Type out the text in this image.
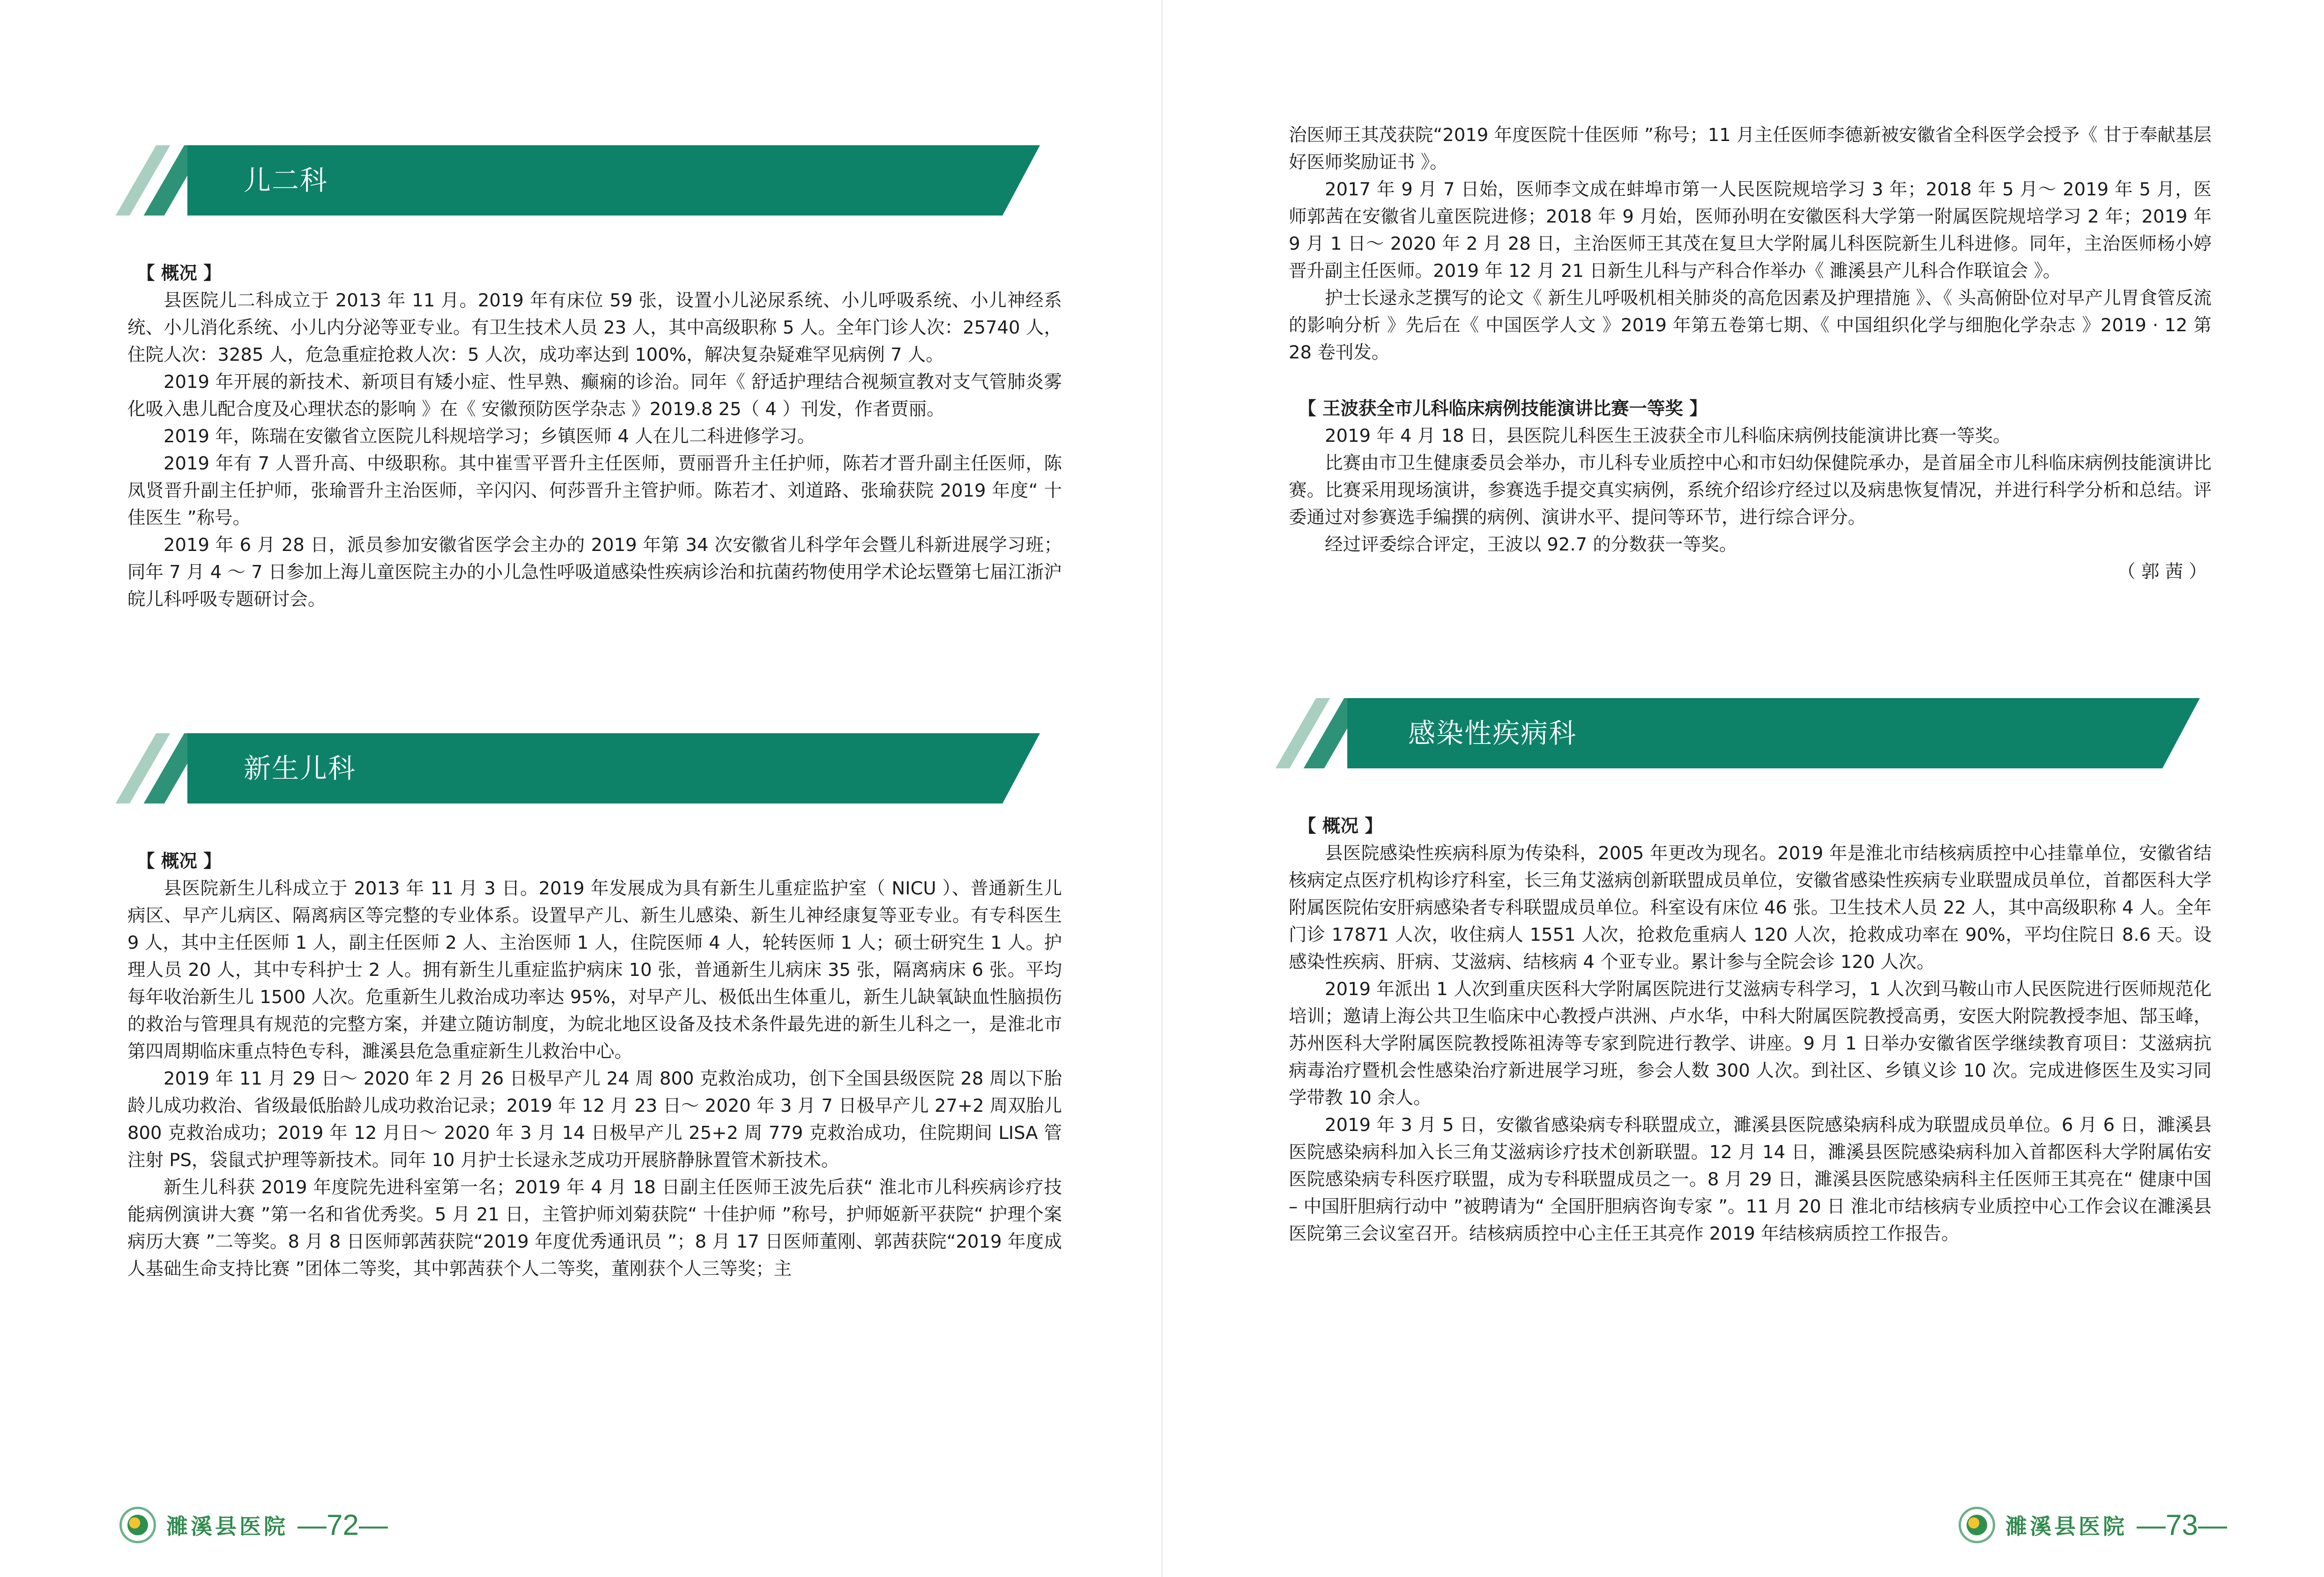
儿二科

【 概况 】

县医院儿二科成立于 2013 年 11 月。2019 年有床位 59 张，设置小儿泌尿系统、小儿呼吸系统、小儿神经系统、小儿消化系统、小儿内分泌等亚专业。有卫生技术人员 23 人，其中高级职称 5 人。全年门诊人次：25740 人，住院人次：3285 人，危急重症抢救人次：5 人次，成功率达到 100%，解决复杂疑难罕见病例 7 人。

2019 年开展的新技术、新项目有矮小症、性早熟、癫痫的诊治。同年《 舒适护理结合视频宣教对支气管肺炎雾化吸入患儿配合度及心理状态的影响 》在《 安徽预防医学杂志 》2019.8 25（ 4 ）刊发，作者贾丽。

2019 年，陈瑞在安徽省立医院儿科规培学习；乡镇医师 4 人在儿二科进修学习。

2019 年有 7 人晋升高、中级职称。其中崔雪平晋升主任医师，贾丽晋升主任护师，陈若才晋升副主任医师，陈凤贤晋升副主任护师，张瑜晋升主治医师，辛闪闪、何莎晋升主管护师。陈若才、刘道路、张瑜获院 2019 年度“ 十佳医生 ”称号。

2019 年 6 月 28 日，派员参加安徽省医学会主办的 2019 年第 34 次安徽省儿科学年会暨儿科新进展学习班；同年 7 月 4 ～ 7 日参加上海儿童医院主办的小儿急性呼吸道感染性疾病诊治和抗菌药物使用学术论坛暨第七届江浙沪皖儿科呼吸专题研讨会。

新生儿科

【 概况 】

县医院新生儿科成立于 2013 年 11 月 3 日。2019 年发展成为具有新生儿重症监护室（ NICU ）、普通新生儿病区、早产儿病区、隔离病区等完整的专业体系。设置早产儿、新生儿感染、新生儿神经康复等亚专业。有专科医生 9 人，其中主任医师 1 人，副主任医师 2 人、主治医师 1 人，住院医师 4 人，轮转医师 1 人；硕士研究生 1 人。护理人员 20 人，其中专科护士 2 人。拥有新生儿重症监护病床 10 张，普通新生儿病床 35 张，隔离病床 6 张。平均每年收治新生儿 1500 人次。危重新生儿救治成功率达 95%，对早产儿、极低出生体重儿，新生儿缺氧缺血性脑损伤的救治与管理具有规范的完整方案，并建立随访制度，为皖北地区设备及技术条件最先进的新生儿科之一，是淮北市第四周期临床重点特色专科，濉溪县危急重症新生儿救治中心。

2019 年 11 月 29 日～ 2020 年 2 月 26 日极早产儿 24 周 800 克救治成功，创下全国县级医院 28 周以下胎龄儿成功救治、省级最低胎龄儿成功救治记录；2019 年 12 月 23 日～ 2020 年 3 月 7 日极早产儿 27+2 周双胎儿 800 克救治成功；2019 年 12 月日～ 2020 年 3 月 14 日极早产儿 25+2 周 779 克救治成功，住院期间 LISA 管注射 PS，袋鼠式护理等新技术。同年 10 月护士长逯永芝成功开展脐静脉置管术新技术。

新生儿科获 2019 年度院先进科室第一名；2019 年 4 月 18 日副主任医师王波先后获“ 淮北市儿科疾病诊疗技能病例演讲大赛 ”第一名和省优秀奖。5 月 21 日，主管护师刘菊获院“ 十佳护师 ”称号，护师姬新平获院“ 护理个案病历大赛 ”二等奖。8 月 8 日医师郭茜获院“2019 年度优秀通讯员 ”；8 月 17 日医师董刚、郭茜获院“2019 年度成人基础生命支持比赛 ”团体二等奖，其中郭茜获个人二等奖，董刚获个人三等奖；主

濉溪县医院 —72—

治医师王其茂获院“2019 年度医院十佳医师 ”称号；11 月主任医师李德新被安徽省全科医学会授予《 甘于奉献基层好医师奖励证书 》。

2017 年 9 月 7 日始，医师李文成在蚌埠市第一人民医院规培学习 3 年；2018 年 5 月～ 2019 年 5 月，医师郭茜在安徽省儿童医院进修；2018 年 9 月始，医师孙明在安徽医科大学第一附属医院规培学习 2 年；2019 年 9 月 1 日～ 2020 年 2 月 28 日，主治医师王其茂在复旦大学附属儿科医院新生儿科进修。同年，主治医师杨小婷晋升副主任医师。2019 年 12 月 21 日新生儿科与产科合作举办《 濉溪县产儿科合作联谊会 》。

护士长逯永芝撰写的论文《 新生儿呼吸机相关肺炎的高危因素及护理措施 》、《 头高俯卧位对早产儿胃食管反流的影响分析 》先后在《 中国医学人文 》2019 年第五卷第七期、《 中国组织化学与细胞化学杂志 》2019 · 12 第 28 卷刊发。

【 王波获全市儿科临床病例技能演讲比赛一等奖 】

2019 年 4 月 18 日，县医院儿科医生王波获全市儿科临床病例技能演讲比赛一等奖。

比赛由市卫生健康委员会举办，市儿科专业质控中心和市妇幼保健院承办，是首届全市儿科临床病例技能演讲比赛。比赛采用现场演讲，参赛选手提交真实病例，系统介绍诊疗经过以及病患恢复情况，并进行科学分析和总结。评委通过对参赛选手编撰的病例、演讲水平、提问等环节，进行综合评分。

经过评委综合评定，王波以 92.7 的分数获一等奖。

（ 郭 茜 ）

感染性疾病科

【 概况 】

县医院感染性疾病科原为传染科，2005 年更改为现名。2019 年是淮北市结核病质控中心挂靠单位，安徽省结核病定点医疗机构诊疗科室，长三角艾滋病创新联盟成员单位，安徽省感染性疾病专业联盟成员单位，首都医科大学附属医院佑安肝病感染者专科联盟成员单位。科室设有床位 46 张。卫生技术人员 22 人，其中高级职称 4 人。全年门诊 17871 人次，收住病人 1551 人次，抢救危重病人 120 人次，抢救成功率在 90%，平均住院日 8.6 天。设感染性疾病、肝病、艾滋病、结核病 4 个亚专业。累计参与全院会诊 120 人次。

2019 年派出 1 人次到重庆医科大学附属医院进行艾滋病专科学习，1 人次到马鞍山市人民医院进行医师规范化培训；邀请上海公共卫生临床中心教授卢洪洲、卢水华，中科大附属医院教授高勇，安医大附院教授李旭、郜玉峰，苏州医科大学附属医院教授陈祖涛等专家到院进行教学、讲座。9 月 1 日举办安徽省医学继续教育项目：艾滋病抗病毒治疗暨机会性感染治疗新进展学习班，参会人数 300 人次。到社区、乡镇义诊 10 次。完成进修医生及实习同学带教 10 余人。

2019 年 3 月 5 日，安徽省感染病专科联盟成立，濉溪县医院感染病科成为联盟成员单位。6 月 6 日，濉溪县医院感染病科加入长三角艾滋病诊疗技术创新联盟。12 月 14 日，濉溪县医院感染病科加入首都医科大学附属佑安医院感染病专科医疗联盟，成为专科联盟成员之一。8 月 29 日，濉溪县医院感染病科主任医师王其亮在“ 健康中国 – 中国肝胆病行动中 ”被聘请为“ 全国肝胆病咨询专家 ”。11 月 20 日 淮北市结核病专业质控中心工作会议在濉溪县医院第三会议室召开。结核病质控中心主任王其亮作 2019 年结核病质控工作报告。

濉溪县医院 —73—
